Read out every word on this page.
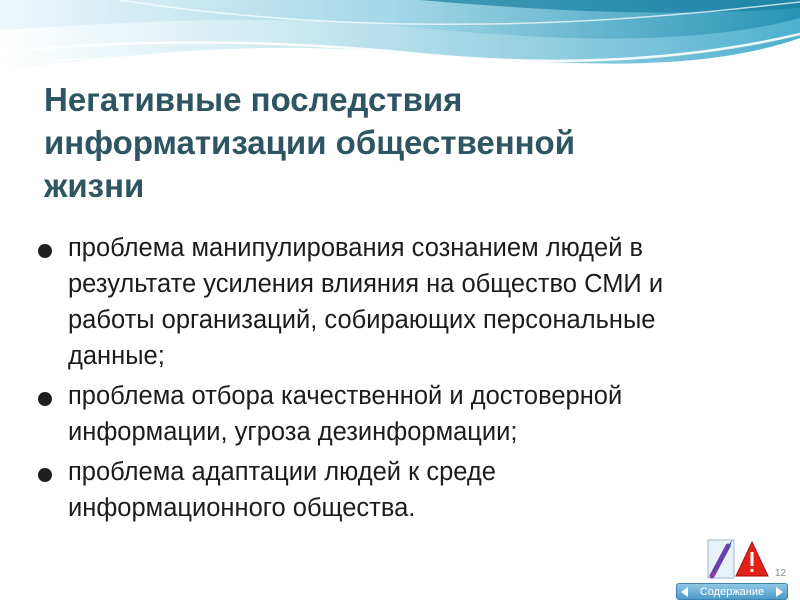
Негативные последствия
информатизации общественной
жизни
проблема манипулирования сознанием людей в
результате усиления влияния на общество СМИ и
работы организаций, собирающих персональные
данные;
проблема отбора качественной и достоверной
информации, угроза дезинформации;
проблема адаптации людей к среде
информационного общества.
12
Содержание
